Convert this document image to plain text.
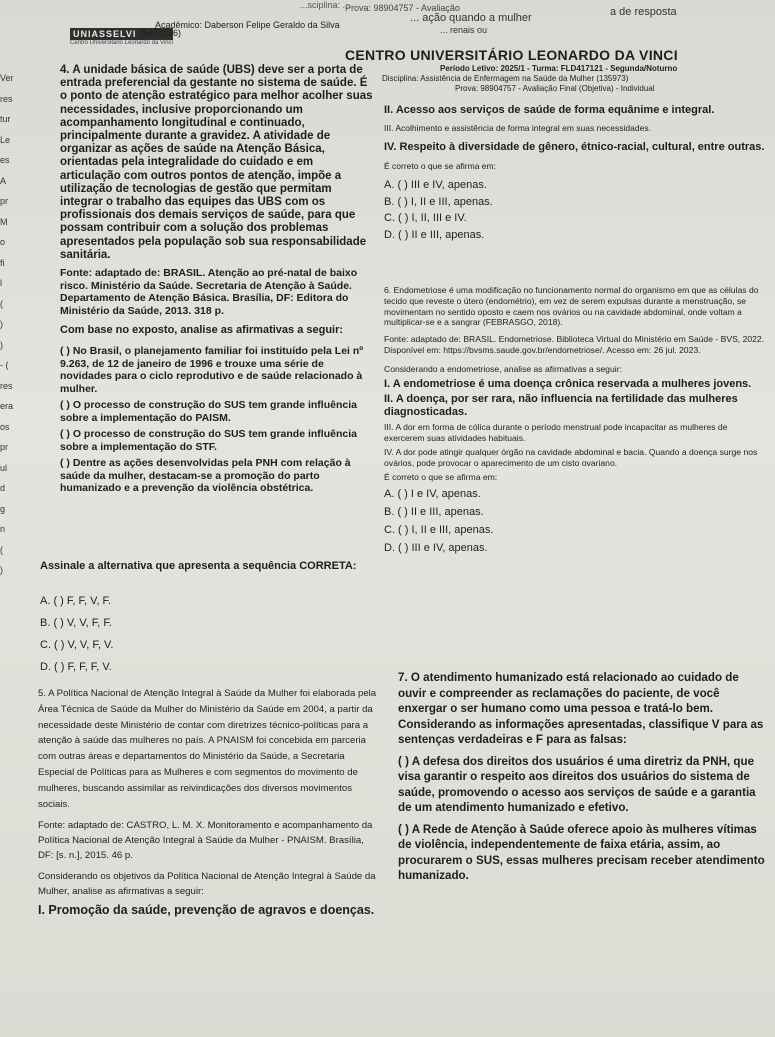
...sciplina: ...
Prova: 98904757 - Avaliação
... ação quando a mulher
... renais ou
a de resposta
UNIASSELVI
Centro Universitário Leonardo da Vinci
(5472336)
Acadêmico: Daberson Felipe Geraldo da Silva
CENTRO UNIVERSITÁRIO LEONARDO DA VINCI
Período Letivo: 2025/1 - Turma: FLD417121 - Segunda/Noturno
Disciplina: Assistência de Enfermagem na Saúde da Mulher (135973)
Prova: 98904757 - Avaliação Final (Objetiva) - Individual
Ver
res
tur
Le
es
A
pr
M
o
fi
l
(
)
)
- (
res
era
os
pr
ul
d
g
n
(
)

4. A unidade básica de saúde (UBS) deve ser a porta de entrada preferencial da gestante no sistema de saúde. É o ponto de atenção estratégico para melhor acolher suas necessidades, inclusive proporcionando um acompanhamento longitudinal e continuado, principalmente durante a gravidez. A atividade de organizar as ações de saúde na Atenção Básica, orientadas pela integralidade do cuidado e em articulação com outros pontos de atenção, impõe a utilização de tecnologias de gestão que permitam integrar o trabalho das equipes das UBS com os profissionais dos demais serviços de saúde, para que possam contribuir com a solução dos problemas apresentados pela população sob sua responsabilidade sanitária.

Fonte: adaptado de: BRASIL. Atenção ao pré-natal de baixo risco. Ministério da Saúde. Secretaria de Atenção à Saúde. Departamento de Atenção Básica. Brasília, DF: Editora do Ministério da Saúde, 2013. 318 p.

Com base no exposto, analise as afirmativas a seguir:

( ) No Brasil, o planejamento familiar foi instituído pela Lei nº 9.263, de 12 de janeiro de 1996 e trouxe uma série de novidades para o ciclo reprodutivo e de saúde relacionado à mulher.

( ) O processo de construção do SUS tem grande influência sobre a implementação do PAISM.

( ) O processo de construção do SUS tem grande influência sobre a implementação do STF.

( ) Dentre as ações desenvolvidas pela PNH com relação à saúde da mulher, destacam-se a promoção do parto humanizado e a prevenção da violência obstétrica.

Assinale a alternativa que apresenta a sequência CORRETA:
A. ( ) F, F, V, F.
B. ( ) V, V, F, F.
C. ( ) V, V, F, V.
D. ( ) F, F, F, V.

II. Acesso aos serviços de saúde de forma equânime e integral.

III. Acolhimento e assistência de forma integral em suas necessidades.

IV. Respeito à diversidade de gênero, étnico-racial, cultural, entre outras.

É correto o que se afirma em:

A. ( ) III e IV, apenas.
B. ( ) I, II e III, apenas.
C. ( ) I, II, III e IV.
D. ( ) II e III, apenas.

6. Endometriose é uma modificação no funcionamento normal do organismo em que as células do tecido que reveste o útero (endométrio), em vez de serem expulsas durante a menstruação, se movimentam no sentido oposto e caem nos ovários ou na cavidade abdominal, onde voltam a multiplicar-se e a sangrar (FEBRASGO, 2018).

Fonte: adaptado de: BRASIL. Endometriose. Biblioteca Virtual do Ministério em Saúde - BVS, 2022. Disponível em: https://bvsms.saude.gov.br/endometriose/. Acesso em: 26 jul. 2023.

Considerando a endometriose, analise as afirmativas a seguir:

I. A endometriose é uma doença crônica reservada a mulheres jovens.

II. A doença, por ser rara, não influencia na fertilidade das mulheres diagnosticadas.

III. A dor em forma de cólica durante o período menstrual pode incapacitar as mulheres de exercerem suas atividades habituais.

IV. A dor pode atingir qualquer órgão na cavidade abdominal e bacia. Quando a doença surge nos ovários, pode provocar o aparecimento de um cisto ovariano.

É correto o que se afirma em:

A. ( ) I e IV, apenas.
B. ( ) II e III, apenas.
C. ( ) I, II e III, apenas.
D. ( ) III e IV, apenas.

5. A Política Nacional de Atenção Integral à Saúde da Mulher foi elaborada pela Área Técnica de Saúde da Mulher do Ministério da Saúde em 2004, a partir da necessidade deste Ministério de contar com diretrizes técnico-políticas para a atenção à saúde das mulheres no país. A PNAISM foi concebida em parceria com outras áreas e departamentos do Ministério da Saúde, a Secretaria Especial de Políticas para as Mulheres e com segmentos do movimento de mulheres, buscando assimilar as reivindicações dos diversos movimentos sociais.

Fonte: adaptado de: CASTRO, L. M. X. Monitoramento e acompanhamento da Política Nacional de Atenção Integral à Saúde da Mulher - PNAISM. Brasília, DF: [s. n.], 2015. 46 p.

Considerando os objetivos da Política Nacional de Atenção Integral à Saúde da Mulher, analise as afirmativas a seguir:

I. Promoção da saúde, prevenção de agravos e doenças.

7. O atendimento humanizado está relacionado ao cuidado de ouvir e compreender as reclamações do paciente, de você enxergar o ser humano como uma pessoa e tratá-lo bem. Considerando as informações apresentadas, classifique V para as sentenças verdadeiras e F para as falsas:

( ) A defesa dos direitos dos usuários é uma diretriz da PNH, que visa garantir o respeito aos direitos dos usuários do sistema de saúde, promovendo o acesso aos serviços de saúde e a garantia de um atendimento humanizado e efetivo.

( ) A Rede de Atenção à Saúde oferece apoio às mulheres vítimas de violência, independentemente de faixa etária, assim, ao procurarem o SUS, essas mulheres precisam receber atendimento humanizado.
